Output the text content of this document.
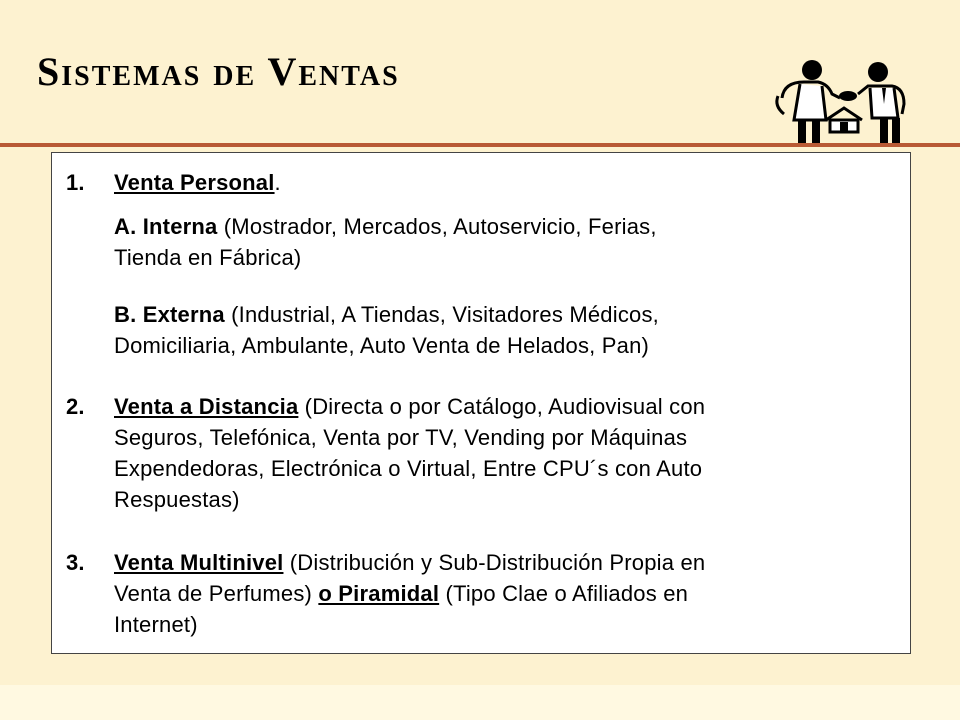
Sistemas de Ventas
1. Venta Personal.
A. Interna (Mostrador, Mercados, Autoservicio, Ferias,
Tienda en Fábrica)
B. Externa (Industrial, A Tiendas, Visitadores Médicos,
Domiciliaria, Ambulante, Auto Venta de Helados, Pan)
2. Venta a Distancia (Directa o por Catálogo, Audiovisual con
Seguros, Telefónica, Venta por TV, Vending por Máquinas
Expendedoras, Electrónica o Virtual, Entre CPU´s con Auto
Respuestas)
3. Venta Multinivel (Distribución y Sub-Distribución Propia en
Venta de Perfumes) o Piramidal (Tipo Clae o Afiliados en
Internet)
